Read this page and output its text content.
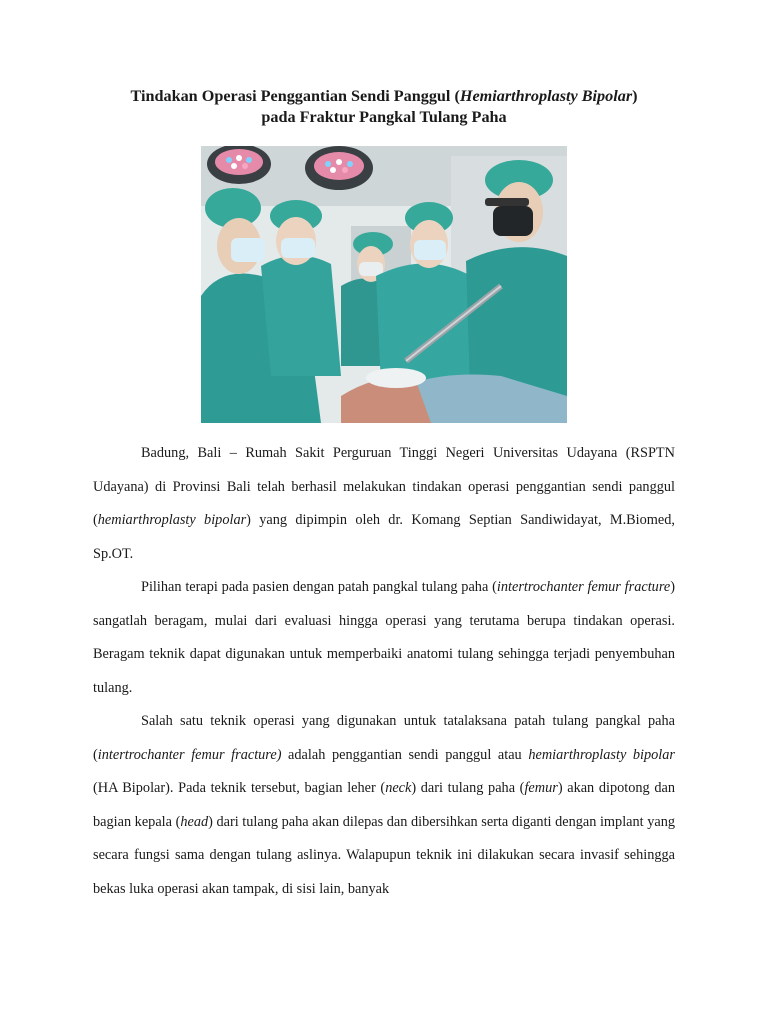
Tindakan Operasi Penggantian Sendi Panggul (Hemiarthroplasty Bipolar)
pada Fraktur Pangkal Tulang Paha

Badung, Bali – Rumah Sakit Perguruan Tinggi Negeri Universitas Udayana (RSPTN Udayana) di Provinsi Bali telah berhasil melakukan tindakan operasi penggantian sendi panggul (hemiarthroplasty bipolar) yang dipimpin oleh dr. Komang Septian Sandiwidayat, M.Biomed, Sp.OT.

Pilihan terapi pada pasien dengan patah pangkal tulang paha (intertrochanter femur fracture) sangatlah beragam, mulai dari evaluasi hingga operasi yang terutama berupa tindakan operasi. Beragam teknik dapat digunakan untuk memperbaiki anatomi tulang sehingga terjadi penyembuhan tulang.

Salah satu teknik operasi yang digunakan untuk tatalaksana patah tulang pangkal paha (intertrochanter femur fracture) adalah penggantian sendi panggul atau hemiarthroplasty bipolar (HA Bipolar). Pada teknik tersebut, bagian leher (neck) dari tulang paha (femur) akan dipotong dan bagian kepala (head) dari tulang paha akan dilepas dan dibersihkan serta diganti dengan implant yang secara fungsi sama dengan tulang aslinya. Walapupun teknik ini dilakukan secara invasif sehingga bekas luka operasi akan tampak, di sisi lain, banyak
